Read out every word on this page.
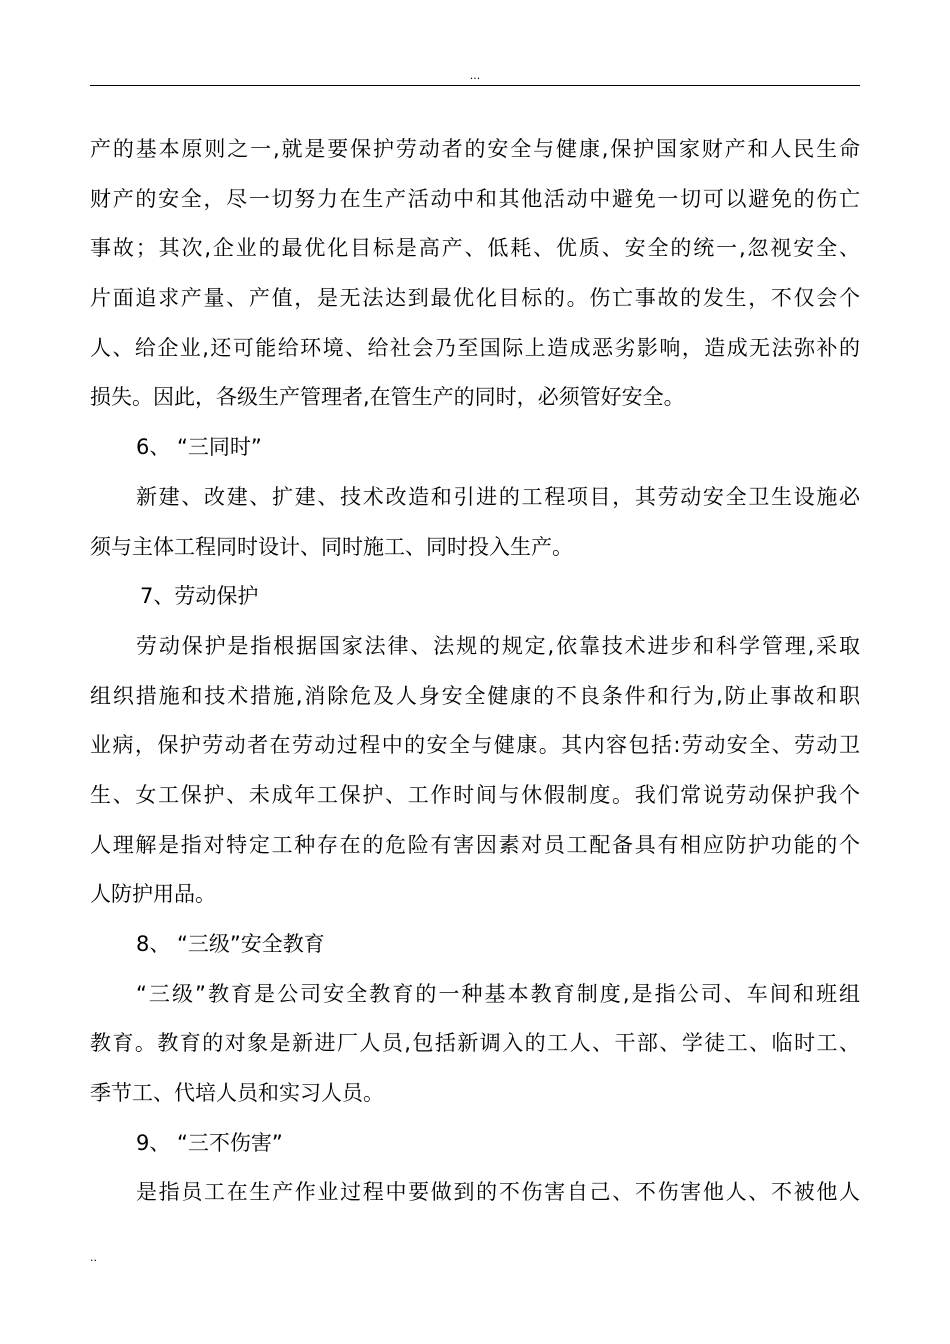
...
产的基本原则之一,就是要保护劳动者的安全与健康,保护国家财产和人民生命
财产的安全，尽一切努力在生产活动中和其他活动中避免一切可以避免的伤亡
事故；其次,企业的最优化目标是高产、低耗、优质、安全的统一,忽视安全、
片面追求产量、产值，是无法达到最优化目标的。伤亡事故的发生，不仅会个
人、给企业,还可能给环境、给社会乃至国际上造成恶劣影响，造成无法弥补的
损失。因此，各级生产管理者,在管生产的同时，必须管好安全。
6、 “三同时”
新建、改建、扩建、技术改造和引进的工程项目，其劳动安全卫生设施必
须与主体工程同时设计、同时施工、同时投入生产。
7、劳动保护
劳动保护是指根据国家法律、法规的规定,依靠技术进步和科学管理,采取
组织措施和技术措施,消除危及人身安全健康的不良条件和行为,防止事故和职
业病，保护劳动者在劳动过程中的安全与健康。其内容包括:劳动安全、劳动卫
生、女工保护、未成年工保护、工作时间与休假制度。我们常说劳动保护我个
人理解是指对特定工种存在的危险有害因素对员工配备具有相应防护功能的个
人防护用品。
8、 “三级”安全教育
“三级”教育是公司安全教育的一种基本教育制度,是指公司、车间和班组
教育。教育的对象是新进厂人员,包括新调入的工人、干部、学徒工、临时工、
季节工、代培人员和实习人员。
9、 “三不伤害”
是指员工在生产作业过程中要做到的不伤害自己、不伤害他人、不被他人
..
